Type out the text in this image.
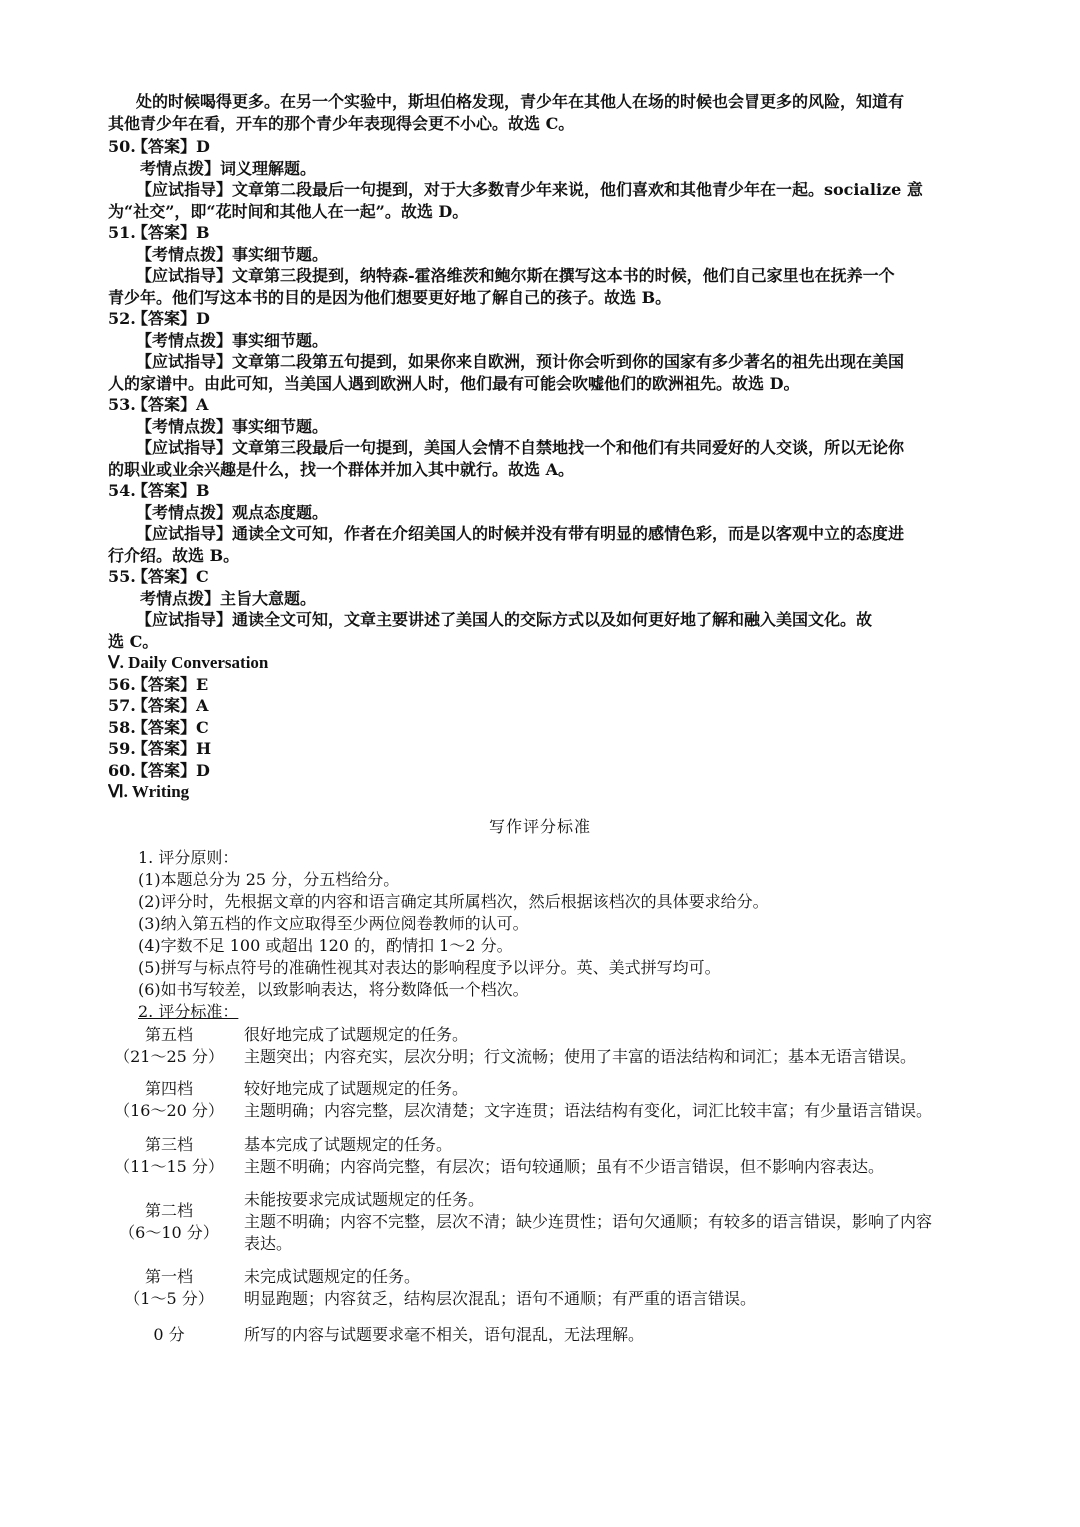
处的时候喝得更多。在另一个实验中，斯坦伯格发现，青少年在其他人在场的时候也会冒更多的风险，知道有
其他青少年在看，开车的那个青少年表现得会更不小心。故选 C。
50.【答案】D
考情点拨】词义理解题。
【应试指导】文章第二段最后一句提到，对于大多数青少年来说，他们喜欢和其他青少年在一起。socialize 意
为“社交”，即“花时间和其他人在一起”。故选 D。
51.【答案】B
【考情点拨】事实细节题。
【应试指导】文章第三段提到，纳特森-霍洛维茨和鲍尔斯在撰写这本书的时候，他们自己家里也在抚养一个
青少年。他们写这本书的目的是因为他们想要更好地了解自己的孩子。故选 B。
52.【答案】D
【考情点拨】事实细节题。
【应试指导】文章第二段第五句提到，如果你来自欧洲，预计你会听到你的国家有多少著名的祖先出现在美国
人的家谱中。由此可知，当美国人遇到欧洲人时，他们最有可能会吹嘘他们的欧洲祖先。故选 D。
53.【答案】A
【考情点拨】事实细节题。
【应试指导】文章第三段最后一句提到，美国人会情不自禁地找一个和他们有共同爱好的人交谈，所以无论你
的职业或业余兴趣是什么，找一个群体并加入其中就行。故选 A。
54.【答案】B
【考情点拨】观点态度题。
【应试指导】通读全文可知，作者在介绍美国人的时候并没有带有明显的感情色彩，而是以客观中立的态度进
行介绍。故选 B。
55.【答案】C
考情点拨】主旨大意题。
【应试指导】通读全文可知，文章主要讲述了美国人的交际方式以及如何更好地了解和融入美国文化。故
选 C。
Ⅴ. Daily Conversation
56.【答案】E
57.【答案】A
58.【答案】C
59.【答案】H
60.【答案】D
Ⅵ. Writing
写作评分标准
1. 评分原则：
(1)本题总分为 25 分，分五档给分。
(2)评分时，先根据文章的内容和语言确定其所属档次，然后根据该档次的具体要求给分。
(3)纳入第五档的作文应取得至少两位阅卷教师的认可。
(4)字数不足 100 或超出 120 的，酌情扣 1～2 分。
(5)拼写与标点符号的准确性视其对表达的影响程度予以评分。英、美式拼写均可。
(6)如书写较差，以致影响表达，将分数降低一个档次。
2. 评分标准：
第五档
（21～25 分）
很好地完成了试题规定的任务。
主题突出；内容充实，层次分明；行文流畅；使用了丰富的语法结构和词汇；基本无语言错误。
第四档
（16～20 分）
较好地完成了试题规定的任务。
主题明确；内容完整，层次清楚；文字连贯；语法结构有变化，词汇比较丰富；有少量语言错误。
第三档
（11～15 分）
基本完成了试题规定的任务。
主题不明确；内容尚完整，有层次；语句较通顺；虽有不少语言错误，但不影响内容表达。
第二档
（6～10 分）
未能按要求完成试题规定的任务。
主题不明确；内容不完整，层次不清；缺少连贯性；语句欠通顺；有较多的语言错误，影响了内容
表达。
第一档
（1～5 分）
未完成试题规定的任务。
明显跑题；内容贫乏，结构层次混乱；语句不通顺；有严重的语言错误。
0 分	所写的内容与试题要求毫不相关，语句混乱，无法理解。
